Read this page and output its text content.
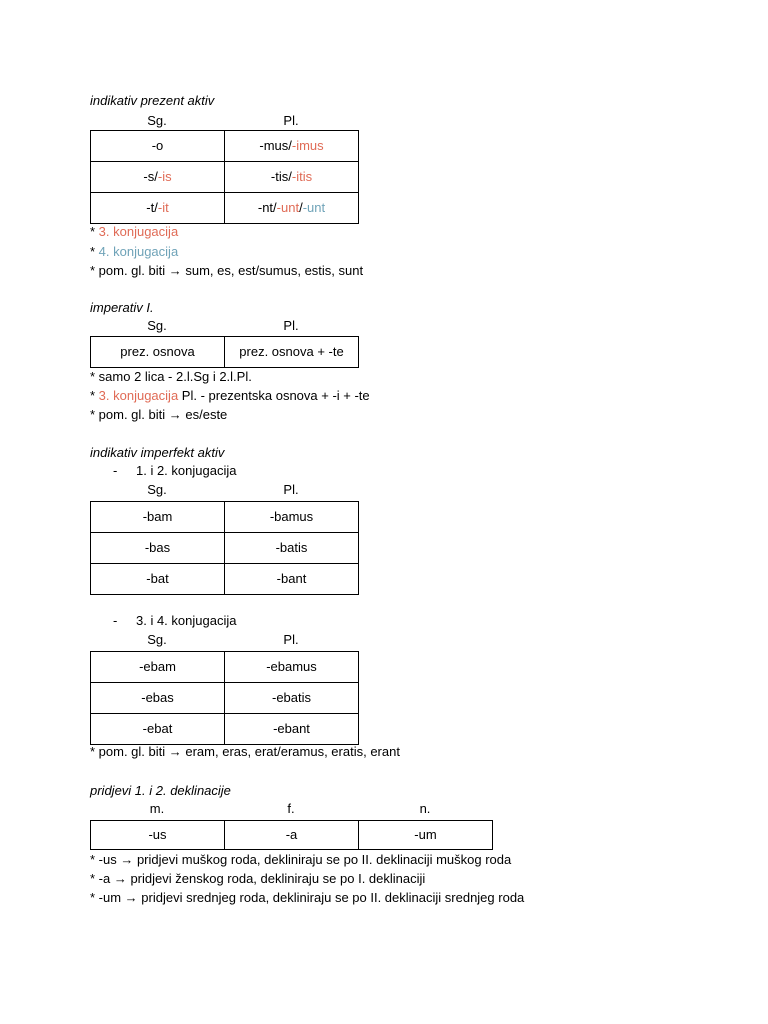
indikativ prezent aktiv
Sg.	Pl.
-o	-mus/-imus
-s/-is	-tis/-itis
-t/-it	-nt/-unt/-unt
* 3. konjugacija
* 4. konjugacija
* pom. gl. biti → sum, es, est/sumus, estis, sunt
imperativ I.
Sg.	Pl.
prez. osnova	prez. osnova + -te
* samo 2 lica - 2.l.Sg i 2.l.Pl.
* 3. konjugacija Pl. - prezentska osnova + -i + -te
* pom. gl. biti → es/este
indikativ imperfekt aktiv
- 1. i 2. konjugacija
Sg.	Pl.
-bam	-bamus
-bas	-batis
-bat	-bant
- 3. i 4. konjugacija
Sg.	Pl.
-ebam	-ebamus
-ebas	-ebatis
-ebat	-ebant
* pom. gl. biti → eram, eras, erat/eramus, eratis, erant
pridjevi 1. i 2. deklinacije
m.	f.	n.
-us	-a	-um
* -us → pridjevi muškog roda, dekliniraju se po II. deklinaciji muškog roda
* -a → pridjevi ženskog roda, dekliniraju se po I. deklinaciji
* -um → pridjevi srednjeg roda, dekliniraju se po II. deklinaciji srednjeg roda
